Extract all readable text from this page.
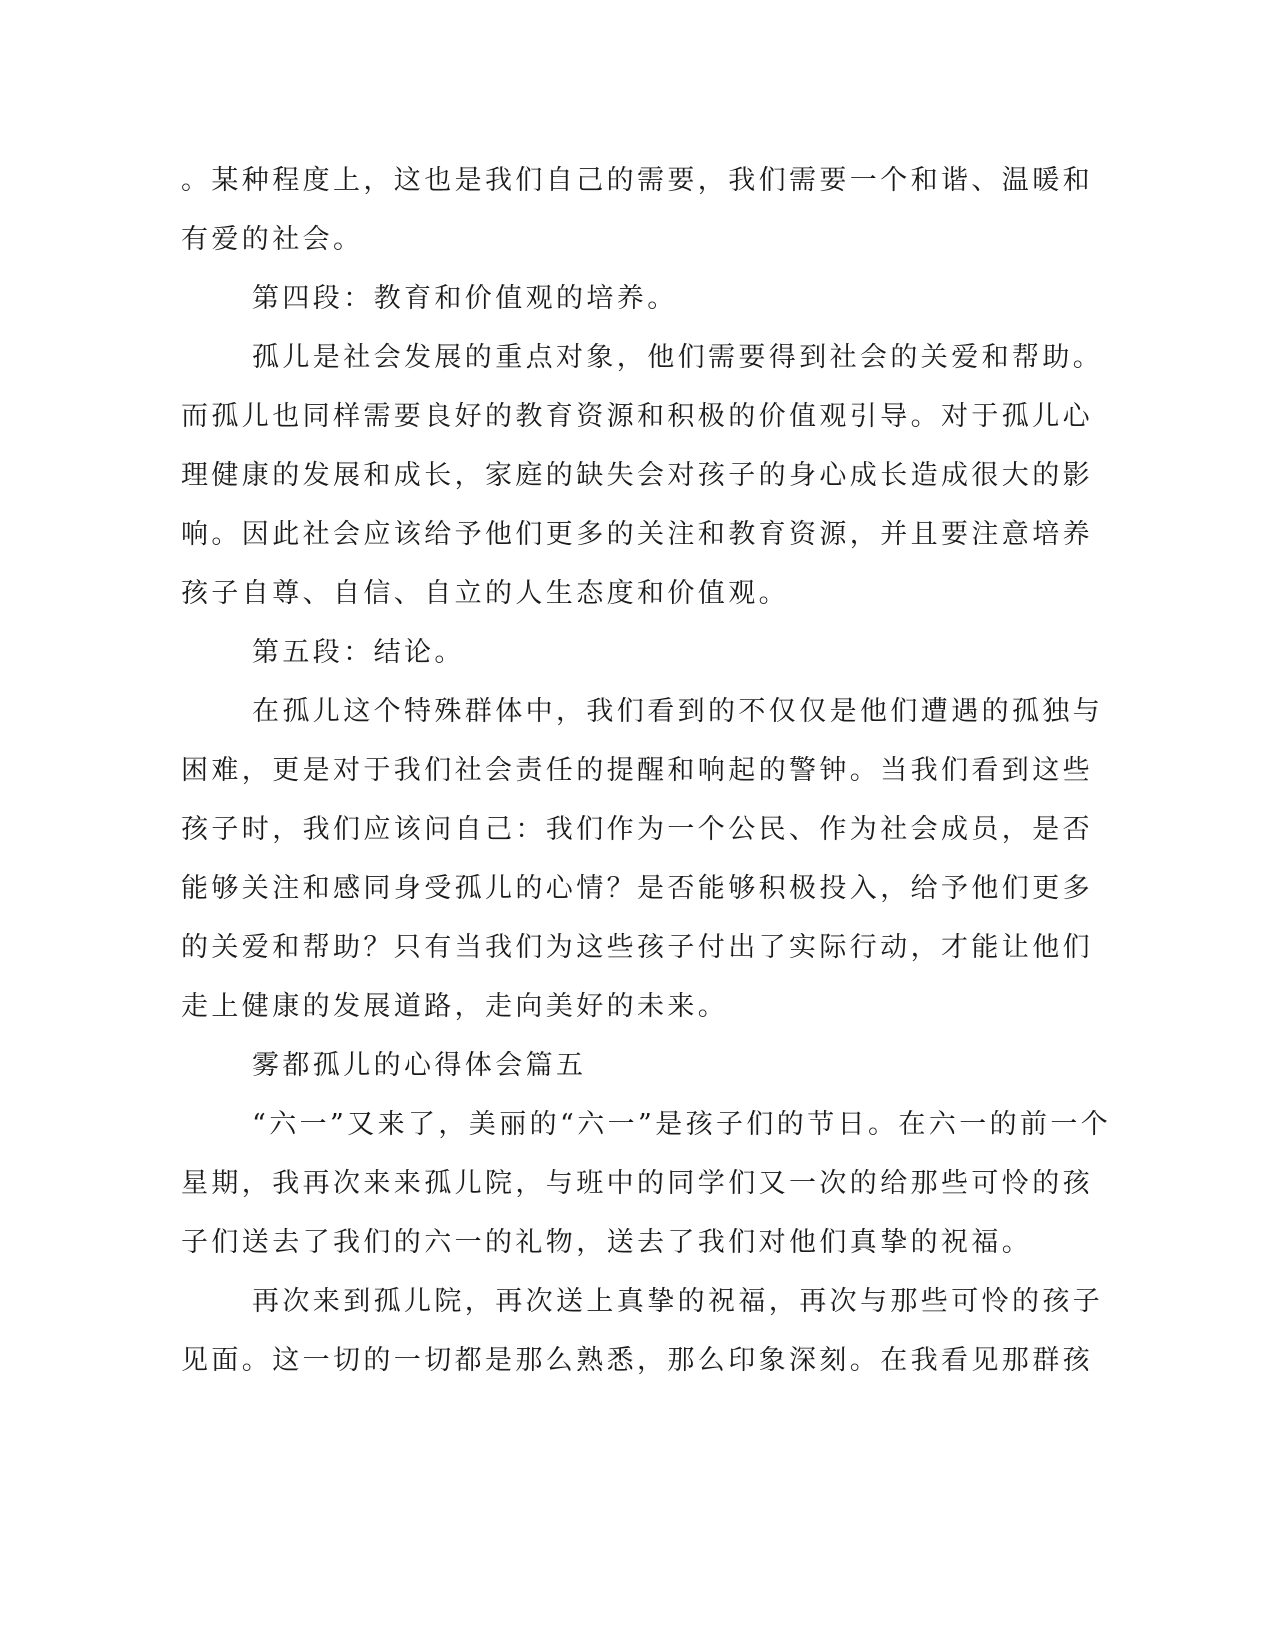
。某种程度上，这也是我们自己的需要，我们需要一个和谐、温暖和
有爱的社会。
第四段：教育和价值观的培养。
孤儿是社会发展的重点对象，他们需要得到社会的关爱和帮助。
而孤儿也同样需要良好的教育资源和积极的价值观引导。对于孤儿心
理健康的发展和成长，家庭的缺失会对孩子的身心成长造成很大的影
响。因此社会应该给予他们更多的关注和教育资源，并且要注意培养
孩子自尊、自信、自立的人生态度和价值观。
第五段：结论。
在孤儿这个特殊群体中，我们看到的不仅仅是他们遭遇的孤独与
困难，更是对于我们社会责任的提醒和响起的警钟。当我们看到这些
孩子时，我们应该问自己：我们作为一个公民、作为社会成员，是否
能够关注和感同身受孤儿的心情？是否能够积极投入，给予他们更多
的关爱和帮助？只有当我们为这些孩子付出了实际行动，才能让他们
走上健康的发展道路，走向美好的未来。
雾都孤儿的心得体会篇五
“六一”又来了，美丽的“六一”是孩子们的节日。在六一的前一个
星期，我再次来来孤儿院，与班中的同学们又一次的给那些可怜的孩
子们送去了我们的六一的礼物，送去了我们对他们真挚的祝福。
再次来到孤儿院，再次送上真挚的祝福，再次与那些可怜的孩子
见面。这一切的一切都是那么熟悉，那么印象深刻。在我看见那群孩
